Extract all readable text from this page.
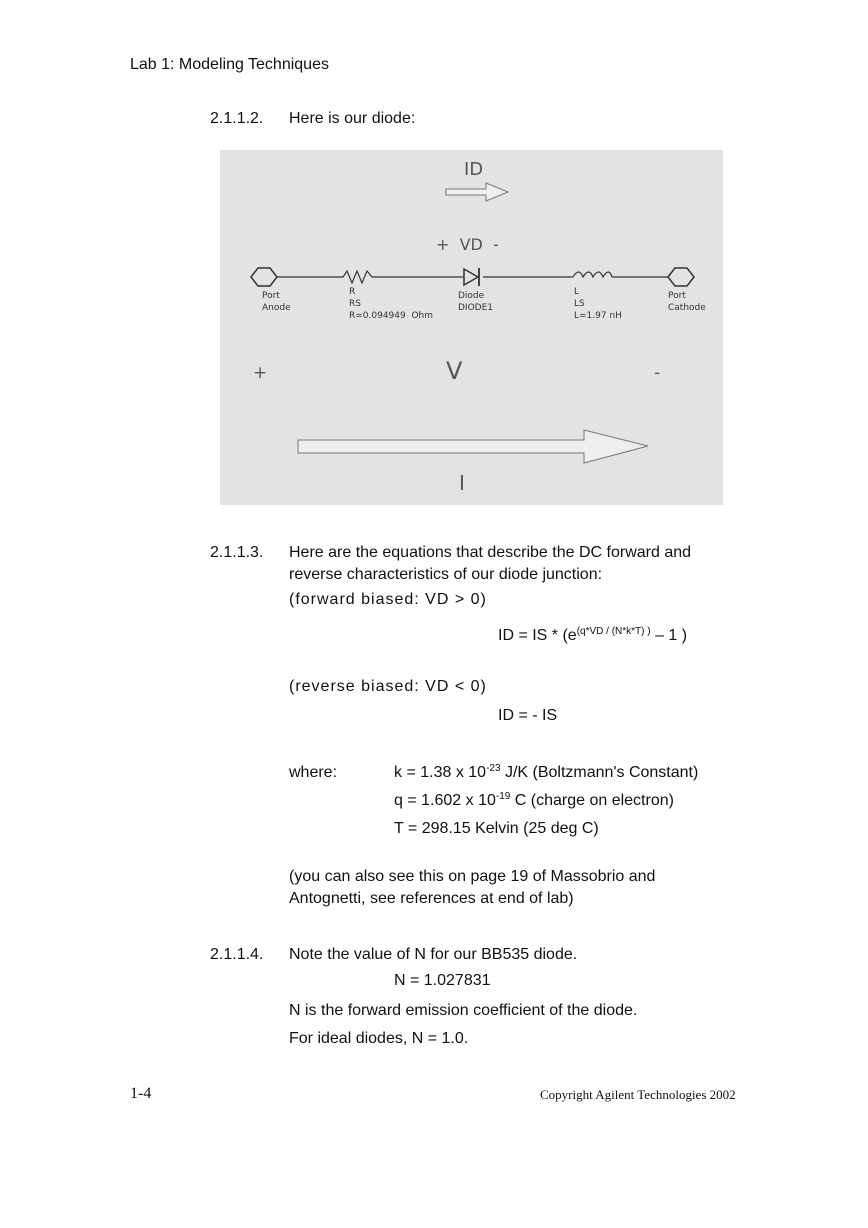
Lab 1: Modeling Techniques
2.1.1.2. Here is our diode:
ID
+  VD  -
Port
Anode
R
RS
R=0.094949  Ohm
Diode
DIODE1
L
LS
L=1.97 nH
Port
Cathode
+	V	-
I
2.1.1.3. Here are the equations that describe the DC forward and
reverse characteristics of our diode junction:
(forward biased: VD > 0)
ID = IS * ($e^{(q*VD / (N*k*T) )} - 1$ )
(reverse biased: VD < 0)
ID = - IS
where:	k = 1.38 x $10^{-23}$ J/K (Boltzmann's Constant)
q = 1.602 x $10^{-19}$ C (charge on electron)
T = 298.15 Kelvin (25 deg C)
(you can also see this on page 19 of Massobrio and
Antognetti, see references at end of lab)
2.1.1.4. Note the value of N for our BB535 diode.
N = 1.027831
N is the forward emission coefficient of the diode.
For ideal diodes, N = 1.0.
1-4	Copyright Agilent Technologies 2002
